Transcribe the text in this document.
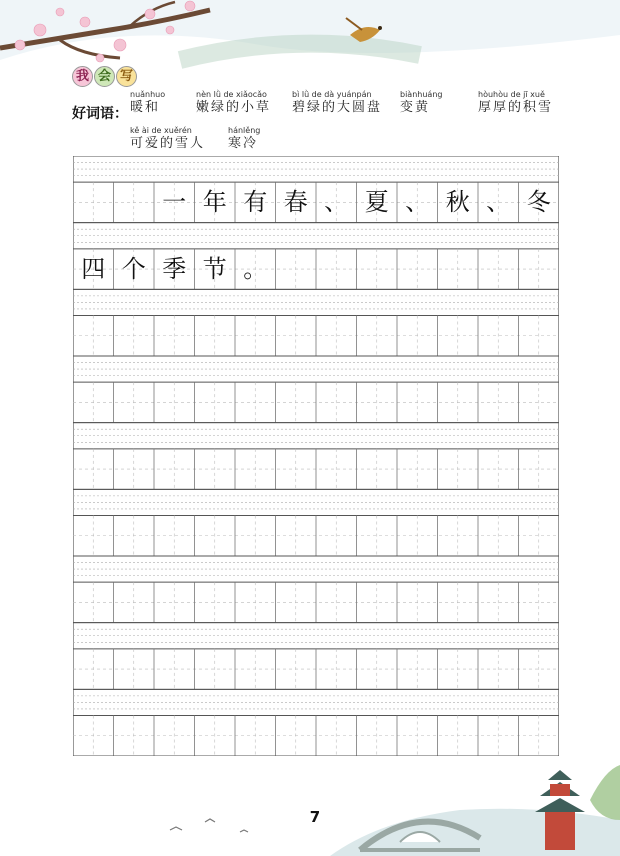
我 会 写
好词语：
nuǎnhuo
暖和
nèn lǜ de xiǎocǎo
嫩绿的小草
bì lǜ de dà yuánpán
碧绿的大圆盘
biànhuáng
变黄
hòuhòu de jī xuě
厚厚的积雪
kě ài de xuěrén
可爱的雪人
hánlěng
寒冷
一 年 有 春 、 夏 、 秋 、 冬
四 个 季 节 。
7
